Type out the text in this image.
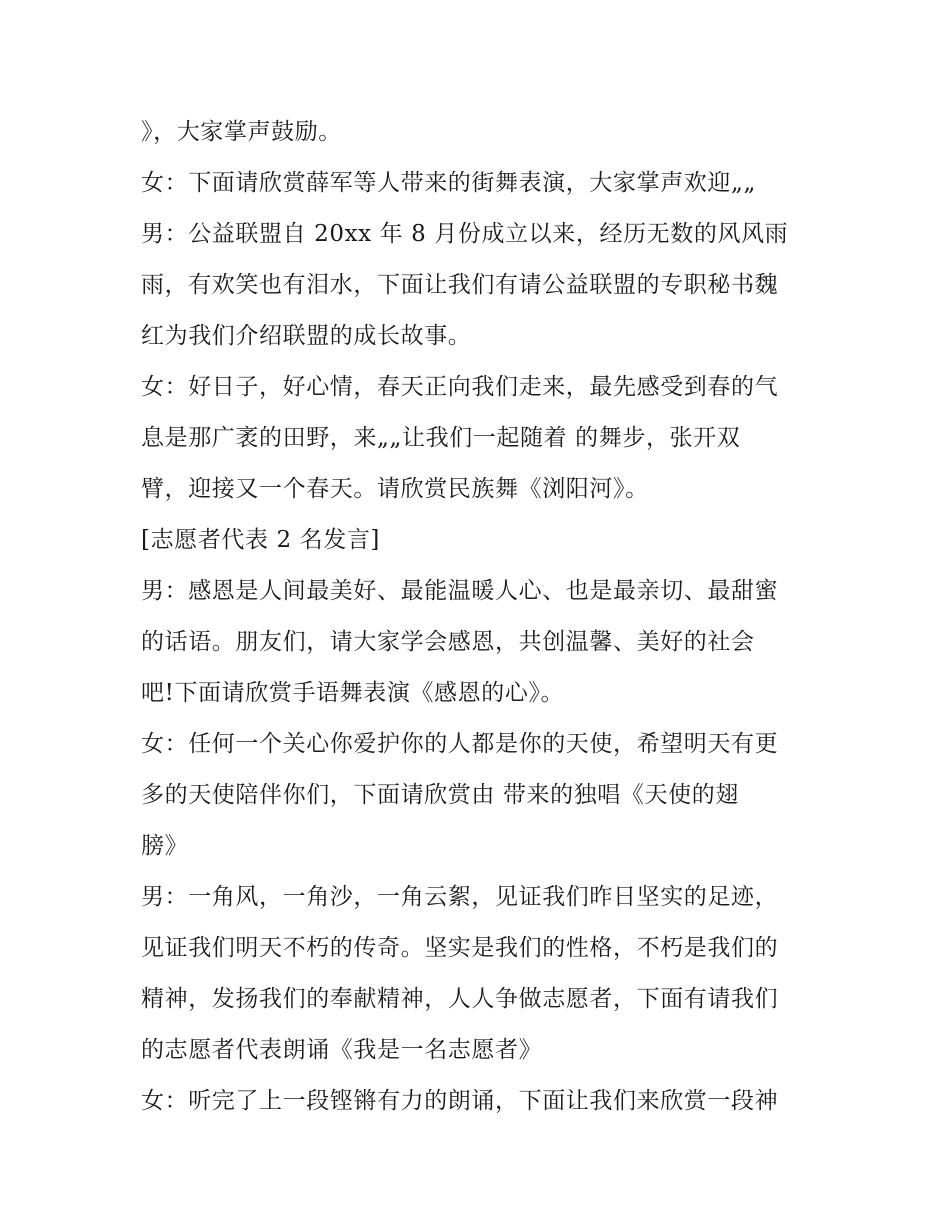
》，大家掌声鼓励。
女：下面请欣赏薛军等人带来的街舞表演，大家掌声欢迎„„
男：公益联盟自 20xx 年 8 月份成立以来，经历无数的风风雨
雨，有欢笑也有泪水，下面让我们有请公益联盟的专职秘书魏
红为我们介绍联盟的成长故事。
女：好日子，好心情，春天正向我们走来，最先感受到春的气
息是那广袤的田野，来„„让我们一起随着 的舞步，张开双
臂，迎接又一个春天。请欣赏民族舞《浏阳河》。
[志愿者代表 2 名发言]
男：感恩是人间最美好、最能温暖人心、也是最亲切、最甜蜜
的话语。朋友们，请大家学会感恩，共创温馨、美好的社会
吧!下面请欣赏手语舞表演《感恩的心》。
女：任何一个关心你爱护你的人都是你的天使，希望明天有更
多的天使陪伴你们，下面请欣赏由 带来的独唱《天使的翅
膀》
男：一角风，一角沙，一角云絮，见证我们昨日坚实的足迹，
见证我们明天不朽的传奇。坚实是我们的性格，不朽是我们的
精神，发扬我们的奉献精神，人人争做志愿者，下面有请我们
的志愿者代表朗诵《我是一名志愿者》
女：听完了上一段铿锵有力的朗诵，下面让我们来欣赏一段神
